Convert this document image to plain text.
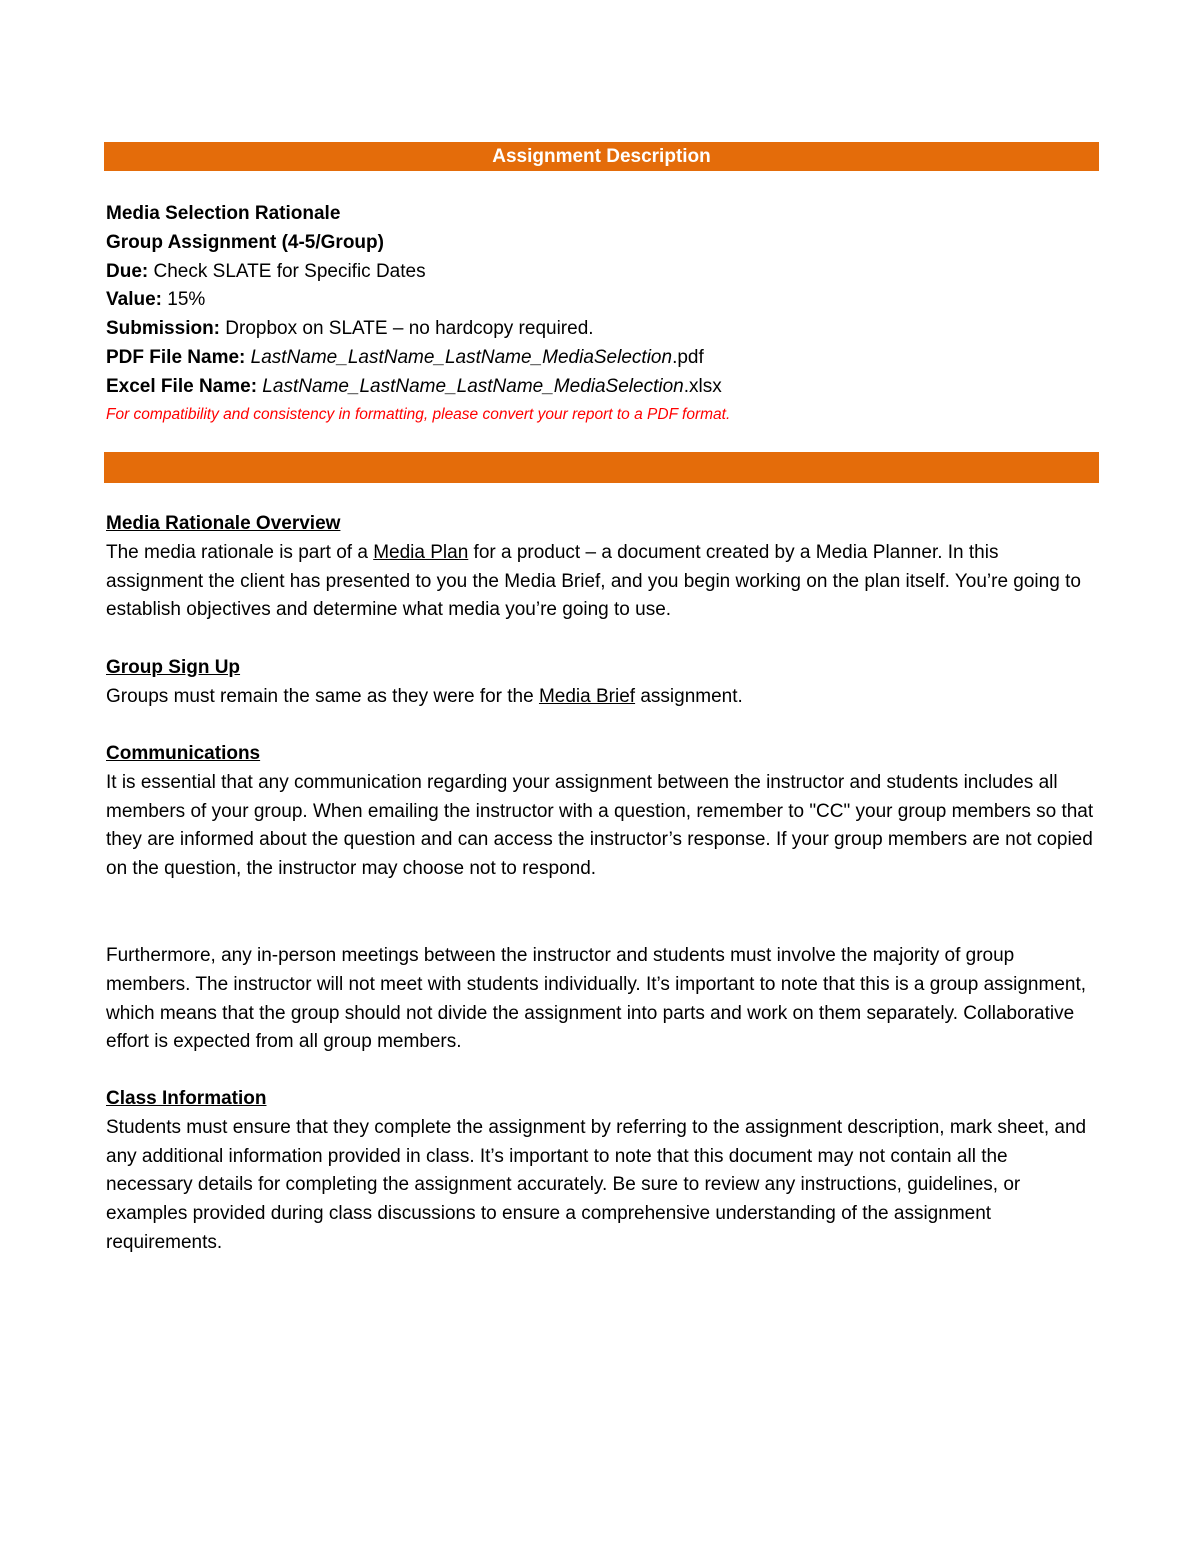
Assignment Description
Media Selection Rationale
Group Assignment (4-5/Group)
Due: Check SLATE for Specific Dates
Value: 15%
Submission: Dropbox on SLATE – no hardcopy required.
PDF File Name: LastName_LastName_LastName_MediaSelection.pdf
Excel File Name: LastName_LastName_LastName_MediaSelection.xlsx
For compatibility and consistency in formatting, please convert your report to a PDF format.
Media Rationale Overview
The media rationale is part of a Media Plan for a product – a document created by a Media Planner. In this assignment the client has presented to you the Media Brief, and you begin working on the plan itself. You’re going to establish objectives and determine what media you’re going to use.
Group Sign Up
Groups must remain the same as they were for the Media Brief assignment.
Communications
It is essential that any communication regarding your assignment between the instructor and students includes all members of your group. When emailing the instructor with a question, remember to "CC" your group members so that they are informed about the question and can access the instructor’s response. If your group members are not copied on the question, the instructor may choose not to respond.
Furthermore, any in-person meetings between the instructor and students must involve the majority of group members. The instructor will not meet with students individually. It’s important to note that this is a group assignment, which means that the group should not divide the assignment into parts and work on them separately. Collaborative effort is expected from all group members.
Class Information
Students must ensure that they complete the assignment by referring to the assignment description, mark sheet, and any additional information provided in class. It’s important to note that this document may not contain all the necessary details for completing the assignment accurately. Be sure to review any instructions, guidelines, or examples provided during class discussions to ensure a comprehensive understanding of the assignment requirements.
